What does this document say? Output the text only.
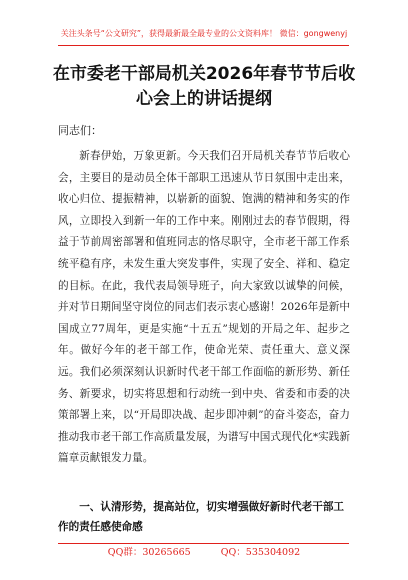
关注头条号“公文研究”，获得最新最全最专业的公文资料库！ 微信：gongwenyj
在市委老干部局机关2026年春节节后收心会上的讲话提纲
同志们：

新春伊始，万象更新。今天我们召开局机关春节节后收心会，主要目的是动员全体干部职工迅速从节日氛围中走出来，收心归位、提振精神，以崭新的面貌、饱满的精神和务实的作风，立即投入到新一年的工作中来。刚刚过去的春节假期，得益于节前周密部署和值班同志的恪尽职守，全市老干部工作系统平稳有序，未发生重大突发事件，实现了安全、祥和、稳定的目标。在此，我代表局领导班子，向大家致以诚挚的问候，并对节日期间坚守岗位的同志们表示衷心感谢！2026年是新中国成立77周年，更是实施“十五五”规划的开局之年、起步之年。做好今年的老干部工作，使命光荣、责任重大、意义深远。我们必须深刻认识新时代老干部工作面临的新形势、新任务、新要求，切实将思想和行动统一到中央、省委和市委的决策部署上来，以“开局即决战、起步即冲刺”的奋斗姿态，奋力推动我市老干部工作高质量发展，为谱写中国式现代化*实践新篇章贡献银发力量。

一、认清形势，提高站位，切实增强做好新时代老干部工作的责任感使命感

QQ群：30265665	QQ：535304092
